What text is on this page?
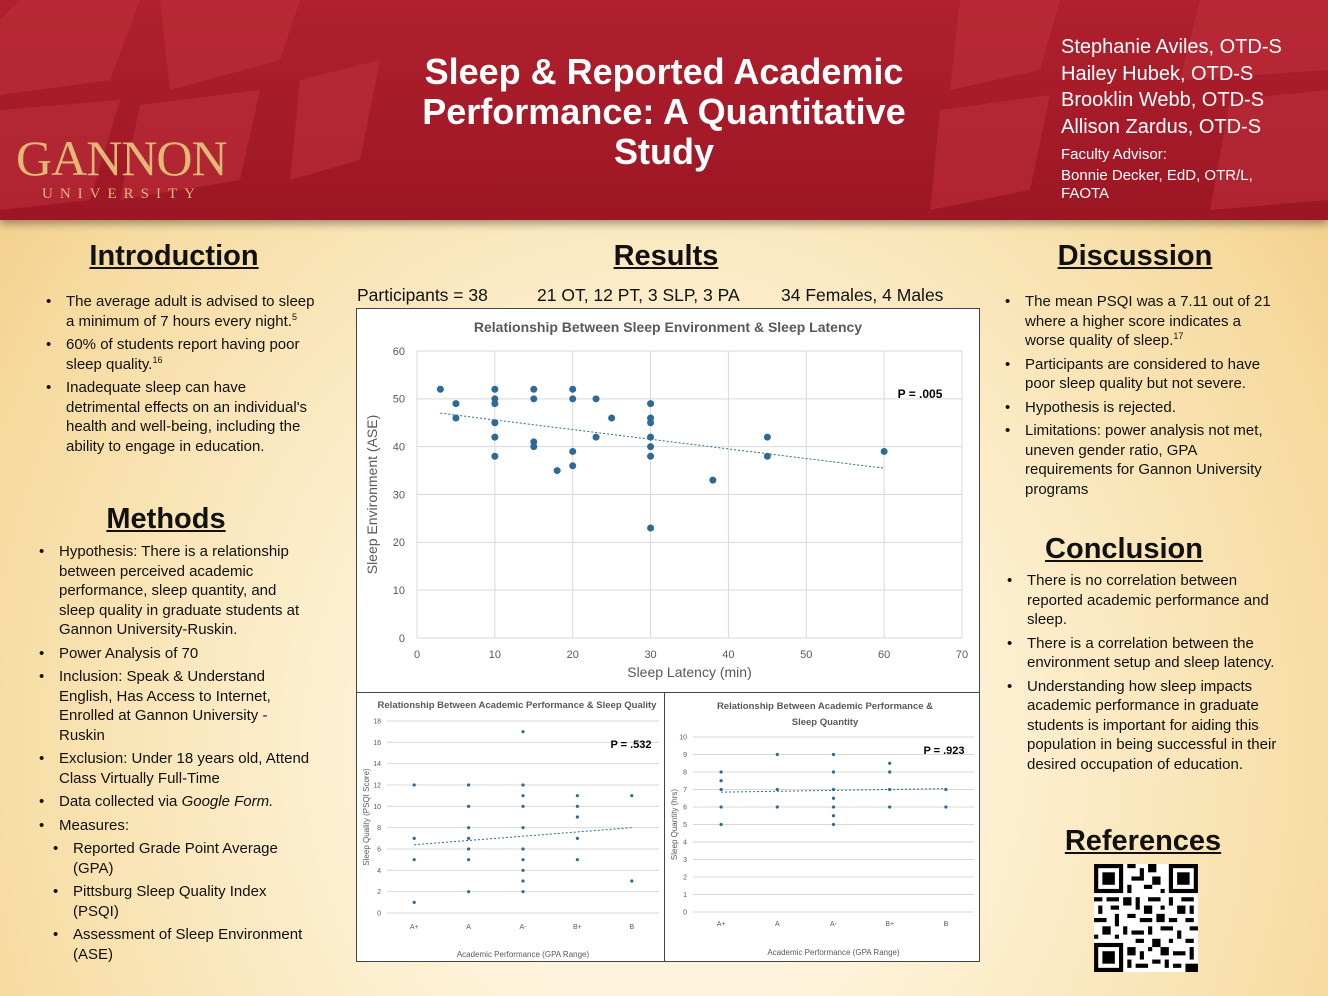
GANNON
UNIVERSITY
Sleep & Reported Academic Performance: A Quantitative Study
Stephanie Aviles, OTD-S
Hailey Hubek, OTD-S
Brooklin Webb, OTD-S
Allison Zardus, OTD-S
Faculty Advisor:
Bonnie Decker, EdD, OTR/L, FAOTA
Introduction
• The average adult is advised to sleep a minimum of 7 hours every night.$^5$
• 60% of students report having poor sleep quality.$^{16}$
• Inadequate sleep can have detrimental effects on an individual's health and well-being, including the ability to engage in education.
Methods
• Hypothesis: There is a relationship between perceived academic performance, sleep quantity, and sleep quality in graduate students at Gannon University-Ruskin.
• Power Analysis of 70
• Inclusion: Speak & Understand English, Has Access to Internet, Enrolled at Gannon University - Ruskin
• Exclusion: Under 18 years old, Attend Class Virtually Full-Time
• Data collected via Google Form.
• Measures:
• Reported Grade Point Average (GPA)
• Pittsburg Sleep Quality Index (PSQI)
• Assessment of Sleep Environment (ASE)
Results
Participants = 38	21 OT, 12 PT, 3 SLP, 3 PA 34 Females, 4 Males
Relationship Between Sleep Environment & Sleep Latency
0
10
20
30
40
50
60
0	10	20	30	40	50	60	70
Sleep Latency (min)
Sleep Environment (ASE)
P = .005
Relationship Between Academic Performance & Sleep Quality
0
2
4
6
8
10
12
14
16
18
A+	A	A-	B+	B
Academic Performance (GPA Range)
Sleep Quality (PSQI Score)
P = .532
Relationship Between Academic Performance &
Sleep Quantity
0
1
2
3
4
5
6
7
8
9
10
A+	A	A-	B+	B
Academic Performance (GPA Range)
Sleep Quantity (hrs)
P = .923
Discussion
• The mean PSQI was a 7.11 out of 21 where a higher score indicates a worse quality of sleep.$^{17}$
• Participants are considered to have poor sleep quality but not severe.
• Hypothesis is rejected.
• Limitations: power analysis not met, uneven gender ratio, GPA requirements for Gannon University programs
Conclusion
• There is no correlation between reported academic performance and sleep.
• There is a correlation between the environment setup and sleep latency.
• Understanding how sleep impacts academic performance in graduate students is important for aiding this population in being successful in their desired occupation of education.
References
